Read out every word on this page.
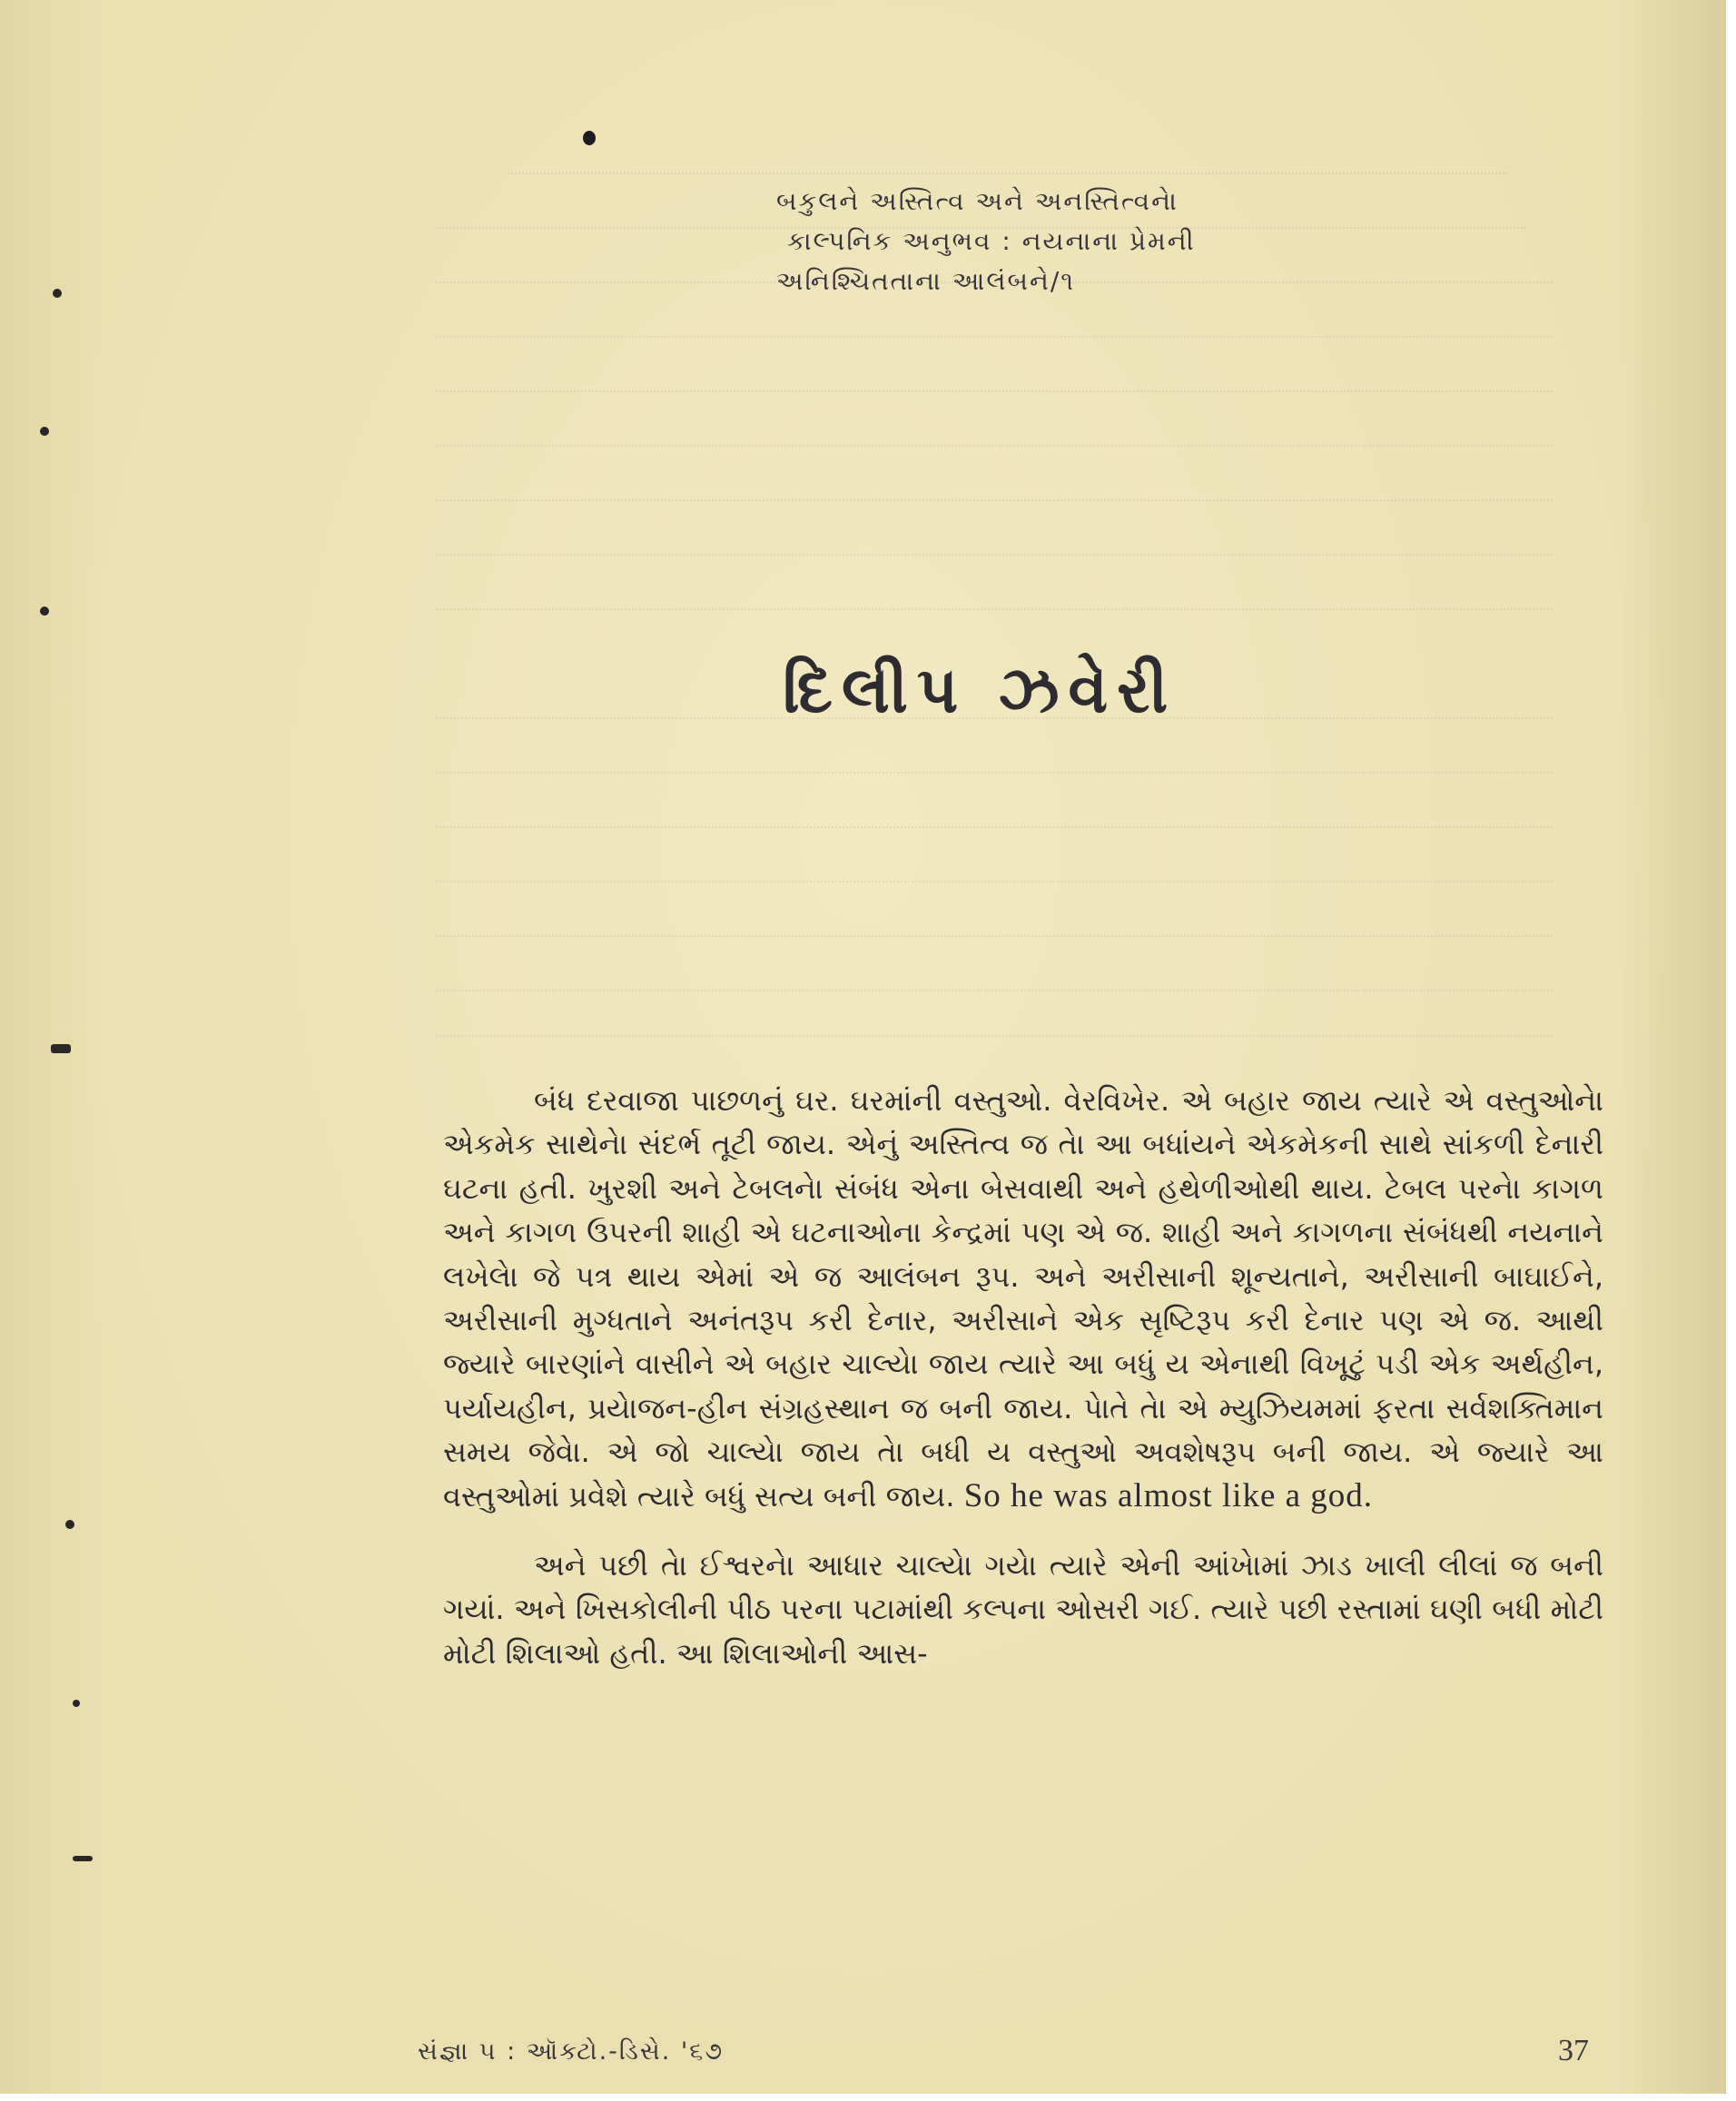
બકુલને અસ્તિત્વ અને અનસ્તિત્વનેા
કાલ્પનિક અનુભવ : નયનાના પ્રેમની
અનિશ્ચિતતાના આલંબને/૧
દિલીપ ઝવેરી

બંધ દરવાજા પાછળનું ઘર. ઘરમાંની વસ્તુઓ. વેરવિખેર. એ બહાર જાય ત્યારે એ વસ્તુઓનેા એકમેક સાથેનેા સંદર્ભ તૂટી જાય. એનું અસ્તિત્વ જ તેા આ બધાંયને એકમેકની સાથે સાંકળી દેનારી ઘટના હતી. ખુરશી અને ટેબલનેા સંબંધ એના બેસવાથી અને હથેળીઓથી થાય. ટેબલ પરનેા કાગળ અને કાગળ ઉપરની શાહી એ ઘટનાઓના કેન્દ્રમાં પણ એ જ. શાહી અને કાગળના સંબંધથી નયનાને લખેલેા જે પત્ર થાય એમાં એ જ આલંબન રૂપ. અને અરીસાની શૂન્યતાને, અરીસાની બાઘાઈને, અરીસાની મુગ્ધતાને અનંતરૂપ કરી દેનાર, અરીસાને એક સૃષ્ટિરૂપ કરી દેનાર પણ એ જ. આથી જ્યારે બારણાંને વાસીને એ બહાર ચાલ્યેા જાય ત્યારે આ બધું ય એનાથી વિખૂટું પડી એક અર્થહીન, પર્યાયહીન, પ્રયેાજન-હીન સંગ્રહસ્થાન જ બની જાય. પેાતે તેા એ મ્યુઝિયમમાં ફરતા સર્વશક્તિમાન સમય જેવેા. એ જો ચાલ્યેા જાય તેા બધી ય વસ્તુઓ અવશેષરૂપ બની જાય. એ જ્યારે આ વસ્તુઓમાં પ્રવેશે ત્યારે બધું સત્ય બની જાય. So he was almost like a god.

અને પછી તેા ઈશ્વરનેા આધાર ચાલ્યેા ગયેા ત્યારે એની આંખેામાં ઝાડ ખાલી લીલાં જ બની ગયાં. અને ખિસકોલીની પીઠ પરના પટામાંથી કલ્પના ઓસરી ગઈ. ત્યારે પછી રસ્તામાં ઘણી બધી મોટી મોટી શિલાઓ હતી. આ શિલાઓની આસ-

સંજ્ઞા ૫ : ઑક્ટો.-ડિસે. '૬૭	37
